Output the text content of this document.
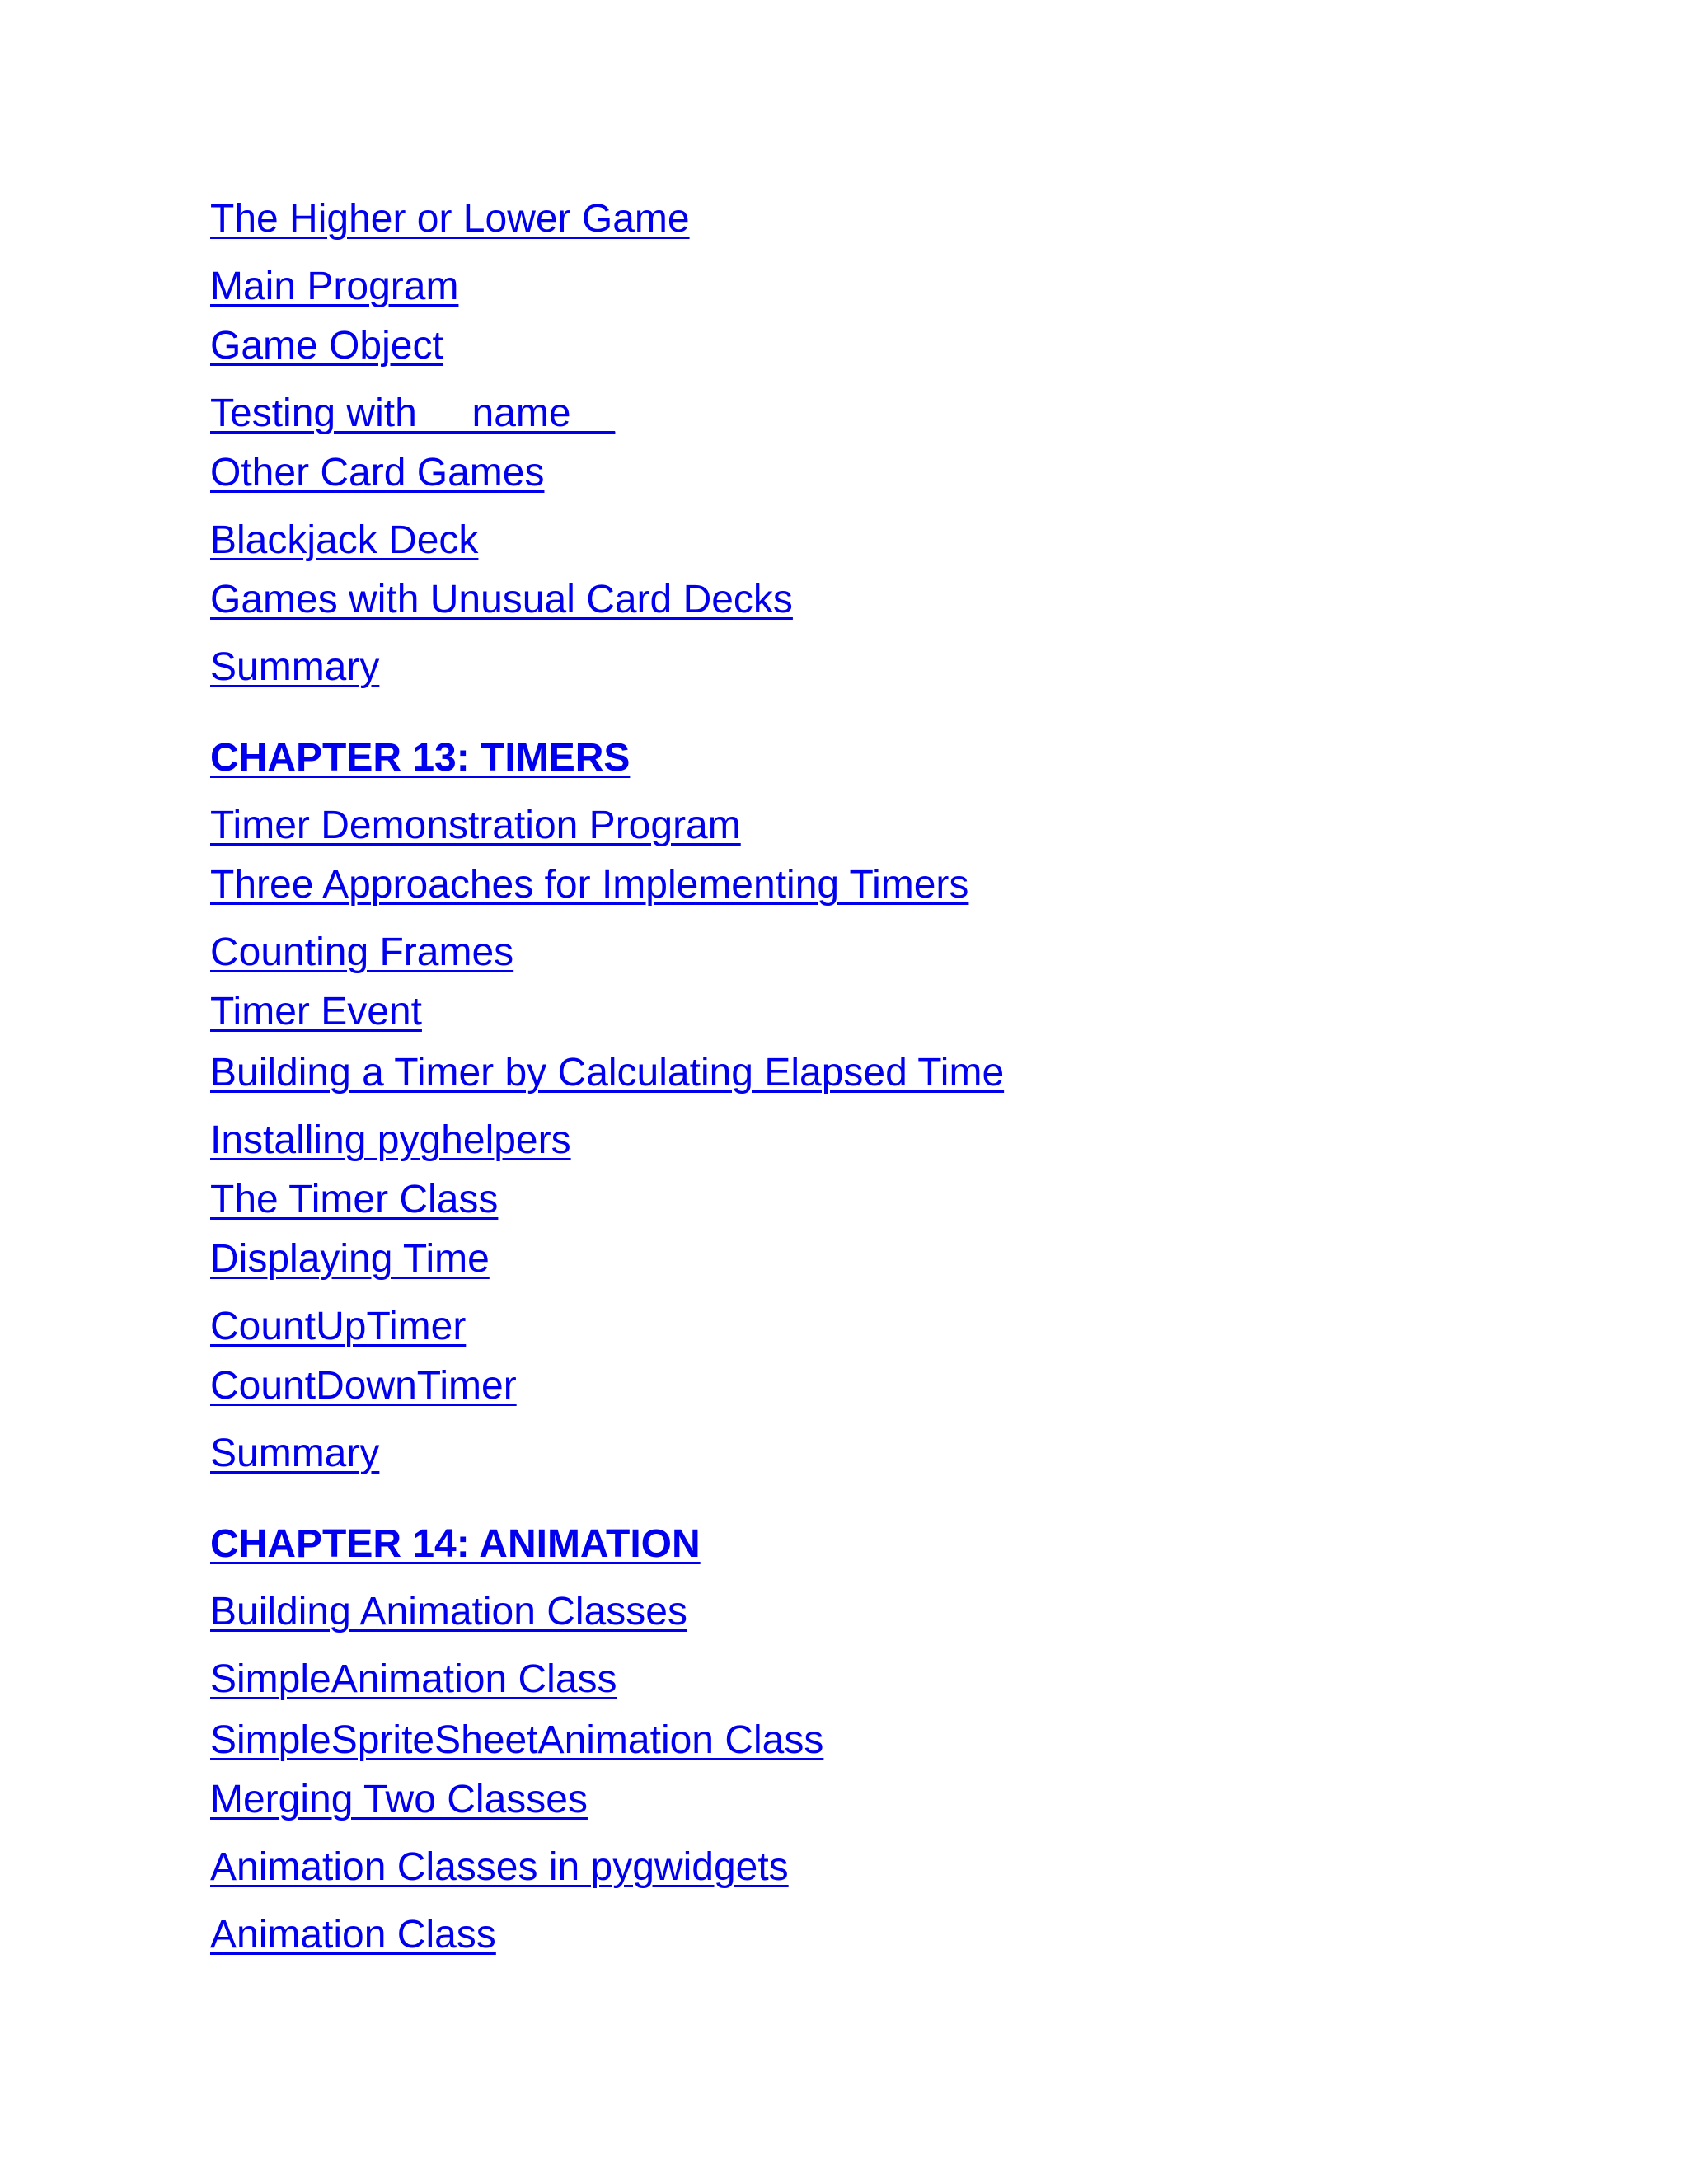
The Higher or Lower Game
Main Program
Game Object
Testing with __name__
Other Card Games
Blackjack Deck
Games with Unusual Card Decks
Summary
CHAPTER 13: TIMERS
Timer Demonstration Program
Three Approaches for Implementing Timers
Counting Frames
Timer Event
Building a Timer by Calculating Elapsed Time
Installing pyghelpers
The Timer Class
Displaying Time
CountUpTimer
CountDownTimer
Summary
CHAPTER 14: ANIMATION
Building Animation Classes
SimpleAnimation Class
SimpleSpriteSheetAnimation Class
Merging Two Classes
Animation Classes in pygwidgets
Animation Class
